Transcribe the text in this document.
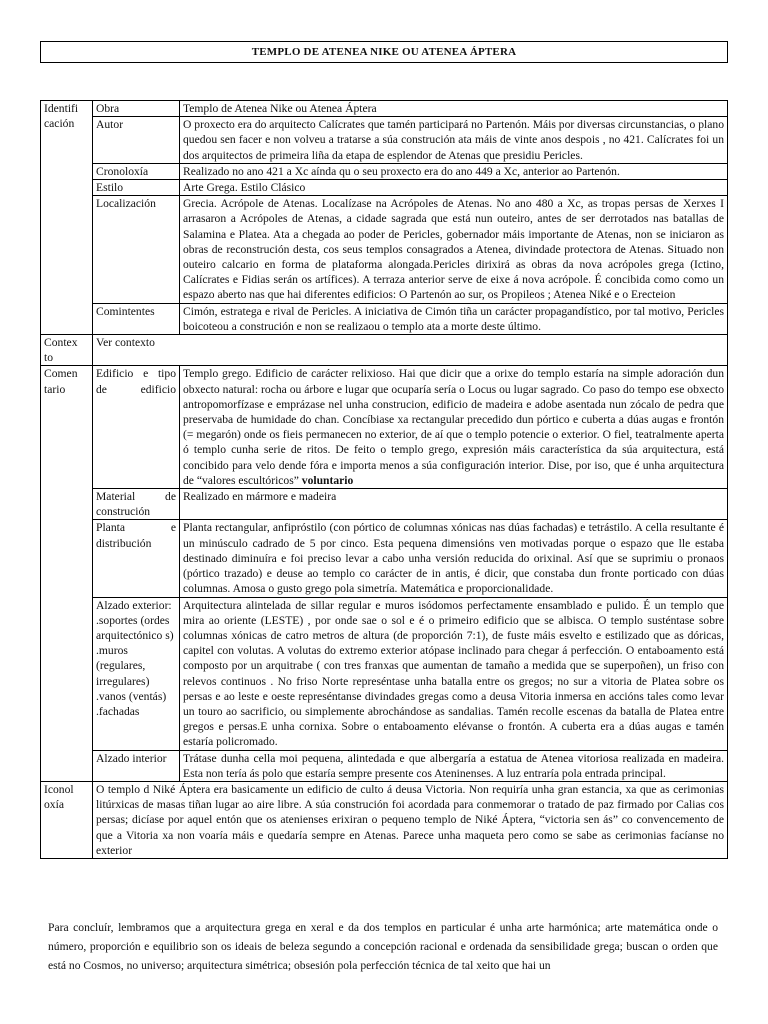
TEMPLO DE ATENEA NIKE OU ATENEA ÁPTERA
Identifi cación	Obra	Templo de Atenea Nike ou Atenea Áptera
	Autor	O proxecto era do arquitecto Calícrates que tamén participará no Partenón. Máis por diversas circunstancias, o plano quedou sen facer e non volveu a tratarse a súa construción ata máis de vinte anos despois , no 421. Calícrates foi un dos arquitectos de primeira liña da etapa de esplendor de Atenas que presidiu Pericles.
	Cronoloxía	Realizado no ano 421 a Xc aínda qu o seu proxecto era do ano 449 a Xc, anterior ao Partenón.
	Estilo	Arte Grega. Estilo Clásico
	Localización	Grecia. Acrópole de Atenas. Localízase na Acrópoles de Atenas. No ano 480 a Xc, as tropas persas de Xerxes I arrasaron a Acrópoles de Atenas, a cidade sagrada que está nun outeiro, antes de ser derrotados nas batallas de Salamina e Platea. Ata a chegada ao poder de Pericles, gobernador máis importante de Atenas, non se iniciaron as obras de reconstrución desta, cos seus templos consagrados a Atenea, divindade protectora de Atenas. Situado non outeiro calcario en forma de plataforma alongada.Pericles dirixirá as obras da nova acrópoles grega (Ictino, Calícrates e Fidias serán os artífices). A terraza anterior serve de eixe á nova acrópole. É concibida como como un espazo aberto nas que hai diferentes edificios: O Partenón ao sur, os Propileos ; Atenea Niké e o Erecteion
	Comintentes	Cimón, estratega e rival de Pericles. A iniciativa de Cimón tiña un carácter propagandístico, por tal motivo, Pericles boicoteou a construción e non se realizaou o templo ata a morte deste último.
Contex to	Ver contexto	
Comen tario	Edificio e tipo de edificio	Templo grego. Edificio de carácter relixioso. Hai que dicir que a orixe do templo estaría na simple adoración dun obxecto natural: rocha ou árbore e lugar que ocuparía sería o Locus ou lugar sagrado. Co paso do tempo ese obxecto antropomorfízase e emprázase nel unha construcion, edificio de madeira e adobe asentada nun zócalo de pedra que preservaba de humidade do chan. Concíbiase xa rectangular precedido dun pórtico e cuberta a dúas augas e frontón (= megarón) onde os fieis permanecen no exterior, de aí que o templo potencie o exterior. O fiel, teatralmente aperta ó templo cunha serie de ritos. De feito o templo grego, expresión máis característica da súa arquitectura, está concibido para velo dende fóra e importa menos a súa configuración interior. Dise, por iso, que é unha arquitectura de “valores escultóricos” voluntario
	Material de construción	Realizado en mármore e madeira
	Planta e distribución	Planta rectangular, anfipróstilo (con pórtico de columnas xónicas nas dúas fachadas) e tetrástilo. A cella resultante é un minúsculo cadrado de 5 por cinco. Esta pequena dimensións ven motivadas porque o espazo que lle estaba destinado diminuíra e foi preciso levar a cabo unha versión reducida do orixinal. Así que se suprimiu o pronaos (pórtico trazado) e deuse ao templo co carácter de in antis, é dicir, que constaba dun fronte porticado con dúas columnas. Amosa o gusto grego pola simetría. Matemática e proporcionalidade.
	Alzado exterior: .soportes (ordes arquitectónico s) .muros (regulares, irregulares) .vanos (ventás) .fachadas	Arquitectura alintelada de sillar regular e muros isódomos perfectamente ensamblado e pulido. É un templo que mira ao oriente (LESTE) , por onde sae o sol e é o primeiro edificio que se albisca. O templo susténtase sobre columnas xónicas de catro metros de altura (de proporción 7:1), de fuste máis esvelto e estilizado que as dóricas, capitel con volutas. A volutas do extremo exterior atópase inclinado para chegar á perfección. O entaboamento está composto por un arquitrabe ( con tres franxas que aumentan de tamaño a medida que se superpoñen), un friso con relevos continuos . No friso Norte represéntase unha batalla entre os gregos; no sur a vitoria de Platea sobre os persas e ao leste e oeste represéntanse divindades gregas como a deusa Vitoria inmersa en accións tales como levar un touro ao sacrificio, ou simplemente abrochándose as sandalias. Tamén recolle escenas da batalla de Platea entre gregos e persas.E unha cornixa. Sobre o entaboamento elévanse o frontón. A cuberta era a dúas augas e tamén estaría policromado.
	Alzado interior	Trátase dunha cella moi pequena, alintedada e que albergaría a estatua de Atenea vitoriosa realizada en madeira. Esta non tería ás polo que estaría sempre presente cos Ateninenses. A luz entraría pola entrada principal.

Iconol oxía	O templo d Niké Áptera era basicamente un edificio de culto á deusa Victoria. Non requiría unha gran estancia, xa que as cerimonias litúrxicas de masas tiñan lugar ao aire libre. A súa construción foi acordada para conmemorar o tratado de paz firmado por Calias cos persas; dicíase por aquel entón que os atenienses erixiran o pequeno templo de Niké Áptera, “victoria sen ás” co convencemento de que a Vitoria xa non voaría máis e quedaría sempre en Atenas. Parece unha maqueta pero como se sabe as cerimonias facíanse no exterior	
Para concluír, lembramos que a arquitectura grega en xeral e da dos templos en particular é unha arte harmónica; arte matemática onde o número, proporción e equilibrio son os ideais de beleza segundo a concepción racional e ordenada da sensibilidade grega; buscan o orden que está no Cosmos, no universo; arquitectura simétrica; obsesión pola perfección técnica de tal xeito que hai un
